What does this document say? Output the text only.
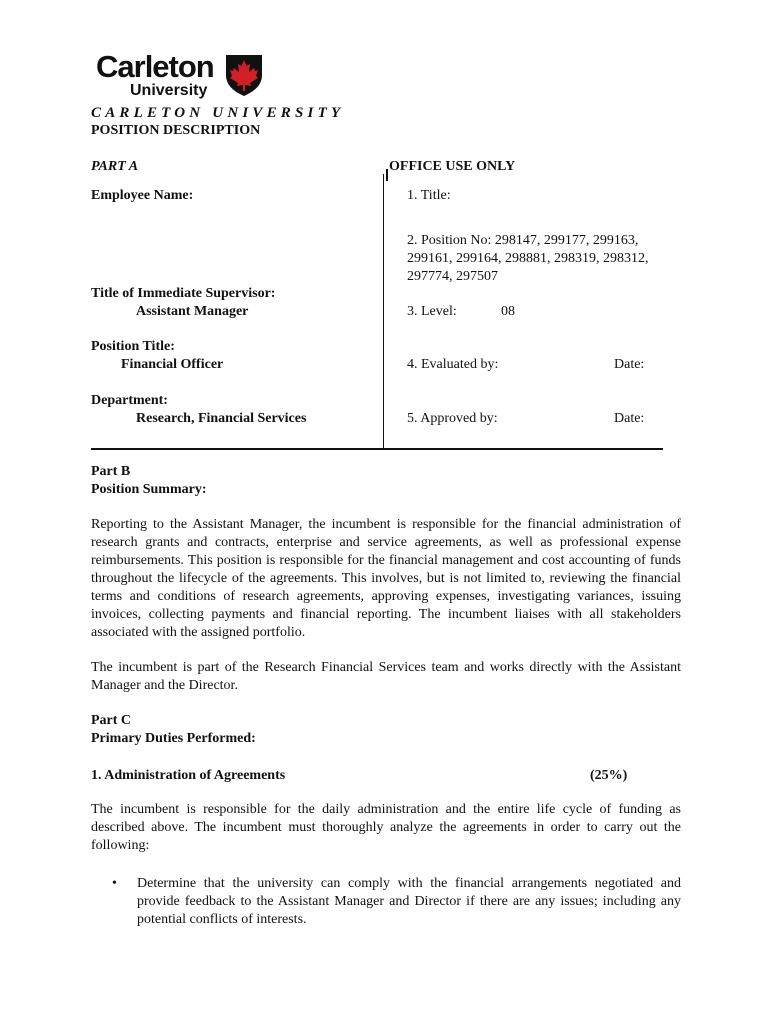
Carleton
University
CARLETON UNIVERSITY
POSITION DESCRIPTION
PART A
Employee Name:
Title of Immediate Supervisor:
Assistant Manager
Position Title:
Financial Officer
Department:
Research, Financial Services
OFFICE USE ONLY
1. Title:
2. Position No: 298147, 299177, 299163,
299161, 299164, 298881, 298319, 298312,
297774, 297507
3. Level:	08
4. Evaluated by:	Date:
5. Approved by:	Date:
Part B
Position Summary:
Reporting to the Assistant Manager, the incumbent is responsible for the financial administration of research grants and contracts, enterprise and service agreements, as well as professional expense reimbursements. This position is responsible for the financial management and cost accounting of funds throughout the lifecycle of the agreements. This involves, but is not limited to, reviewing the financial terms and conditions of research agreements, approving expenses, investigating variances, issuing invoices, collecting payments and financial reporting. The incumbent liaises with all stakeholders associated with the assigned portfolio.
The incumbent is part of the Research Financial Services team and works directly with the Assistant Manager and the Director.
Part C
Primary Duties Performed:
1. Administration of Agreements	(25%)
The incumbent is responsible for the daily administration and the entire life cycle of funding as described above. The incumbent must thoroughly analyze the agreements in order to carry out the following:
• Determine that the university can comply with the financial arrangements negotiated and provide feedback to the Assistant Manager and Director if there are any issues; including any potential conflicts of interests.
